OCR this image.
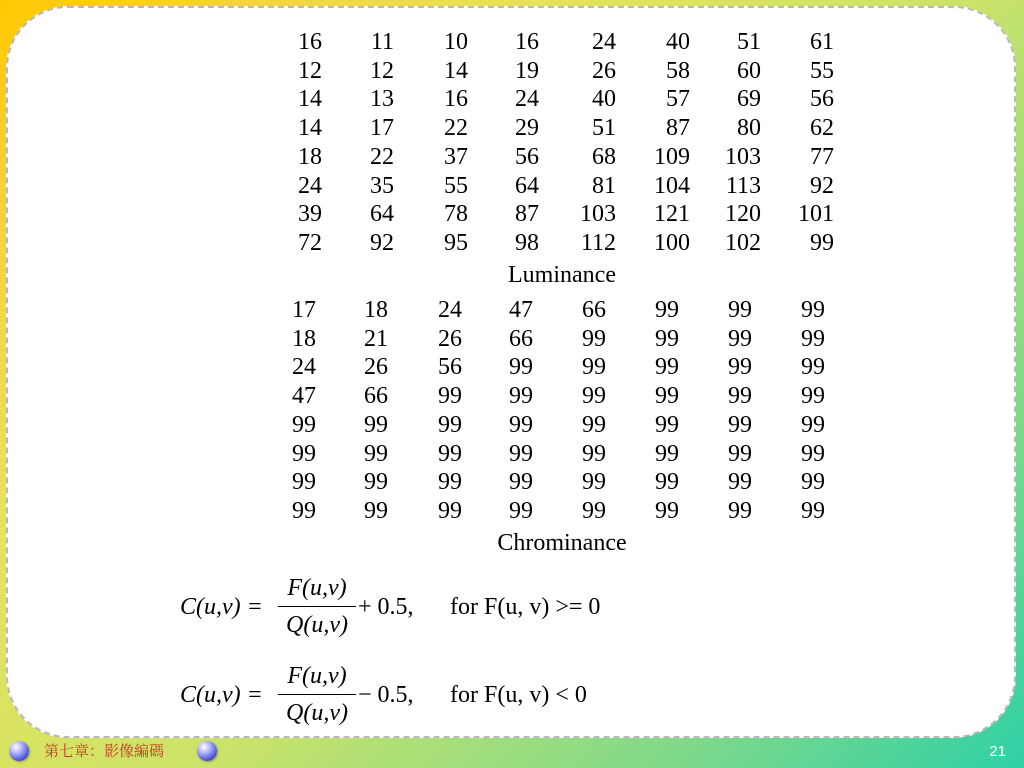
16	11	10	16	24	40	51	61
12	12	14	19	26	58	60	55
14	13	16	24	40	57	69	56
14	17	22	29	51	87	80	62
18	22	37	56	68	109	103	77
24	35	55	64	81	104	113	92
39	64	78	87	103	121	120	101
72	92	95	98	112	100	102	99
Luminance
17	18	24	47	66	99	99	99
18	21	26	66	99	99	99	99
24	26	56	99	99	99	99	99
47	66	99	99	99	99	99	99
99	99	99	99	99	99	99	99
99	99	99	99	99	99	99	99
99	99	99	99	99	99	99	99
99	99	99	99	99	99	99	99
Chrominance
C(u,v) =
F(u,v)
Q(u,v)
+ 0.5, for F(u, v) >= 0
C(u,v) =
F(u,v)
Q(u,v)
− 0.5, for F(u, v) < 0
第七章：影像編碼	21
